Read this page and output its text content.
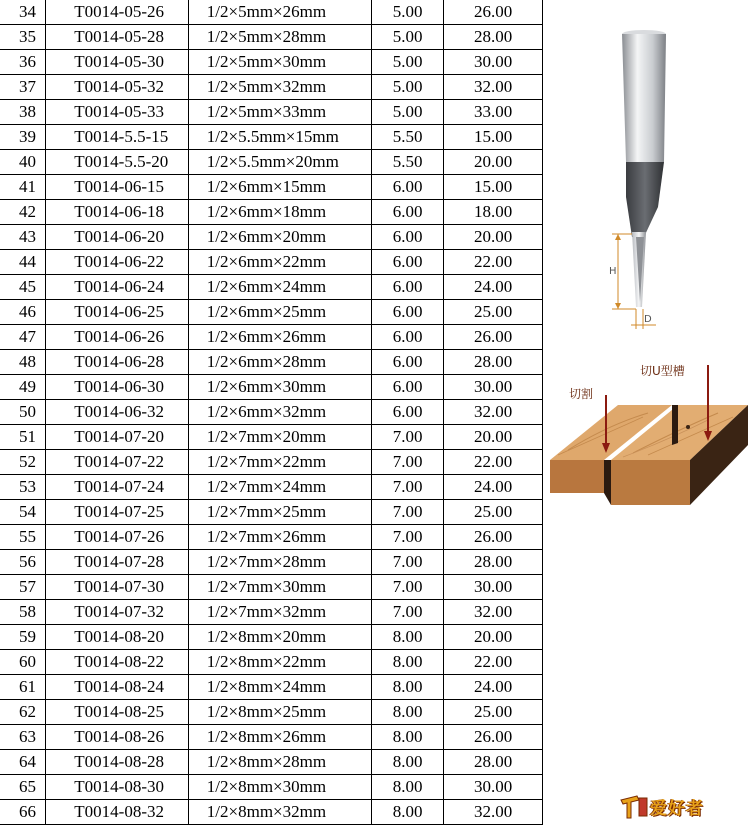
34	T0014-05-26	1/2×5mm×26mm	5.00	26.00
35	T0014-05-28	1/2×5mm×28mm	5.00	28.00
36	T0014-05-30	1/2×5mm×30mm	5.00	30.00
37	T0014-05-32	1/2×5mm×32mm	5.00	32.00
38	T0014-05-33	1/2×5mm×33mm	5.00	33.00
39	T0014-5.5-15	1/2×5.5mm×15mm	5.50	15.00
40	T0014-5.5-20	1/2×5.5mm×20mm	5.50	20.00
41	T0014-06-15	1/2×6mm×15mm	6.00	15.00
42	T0014-06-18	1/2×6mm×18mm	6.00	18.00
43	T0014-06-20	1/2×6mm×20mm	6.00	20.00
44	T0014-06-22	1/2×6mm×22mm	6.00	22.00
45	T0014-06-24	1/2×6mm×24mm	6.00	24.00
46	T0014-06-25	1/2×6mm×25mm	6.00	25.00
47	T0014-06-26	1/2×6mm×26mm	6.00	26.00
48	T0014-06-28	1/2×6mm×28mm	6.00	28.00
49	T0014-06-30	1/2×6mm×30mm	6.00	30.00
50	T0014-06-32	1/2×6mm×32mm	6.00	32.00
51	T0014-07-20	1/2×7mm×20mm	7.00	20.00
52	T0014-07-22	1/2×7mm×22mm	7.00	22.00
53	T0014-07-24	1/2×7mm×24mm	7.00	24.00
54	T0014-07-25	1/2×7mm×25mm	7.00	25.00
55	T0014-07-26	1/2×7mm×26mm	7.00	26.00
56	T0014-07-28	1/2×7mm×28mm	7.00	28.00
57	T0014-07-30	1/2×7mm×30mm	7.00	30.00
58	T0014-07-32	1/2×7mm×32mm	7.00	32.00
59	T0014-08-20	1/2×8mm×20mm	8.00	20.00
60	T0014-08-22	1/2×8mm×22mm	8.00	22.00
61	T0014-08-24	1/2×8mm×24mm	8.00	24.00
62	T0014-08-25	1/2×8mm×25mm	8.00	25.00
63	T0014-08-26	1/2×8mm×26mm	8.00	26.00
64	T0014-08-28	1/2×8mm×28mm	8.00	28.00
65	T0014-08-30	1/2×8mm×30mm	8.00	30.00
66	T0014-08-32	1/2×8mm×32mm	8.00	32.00
H
D
切割
切U型槽
爱好者
